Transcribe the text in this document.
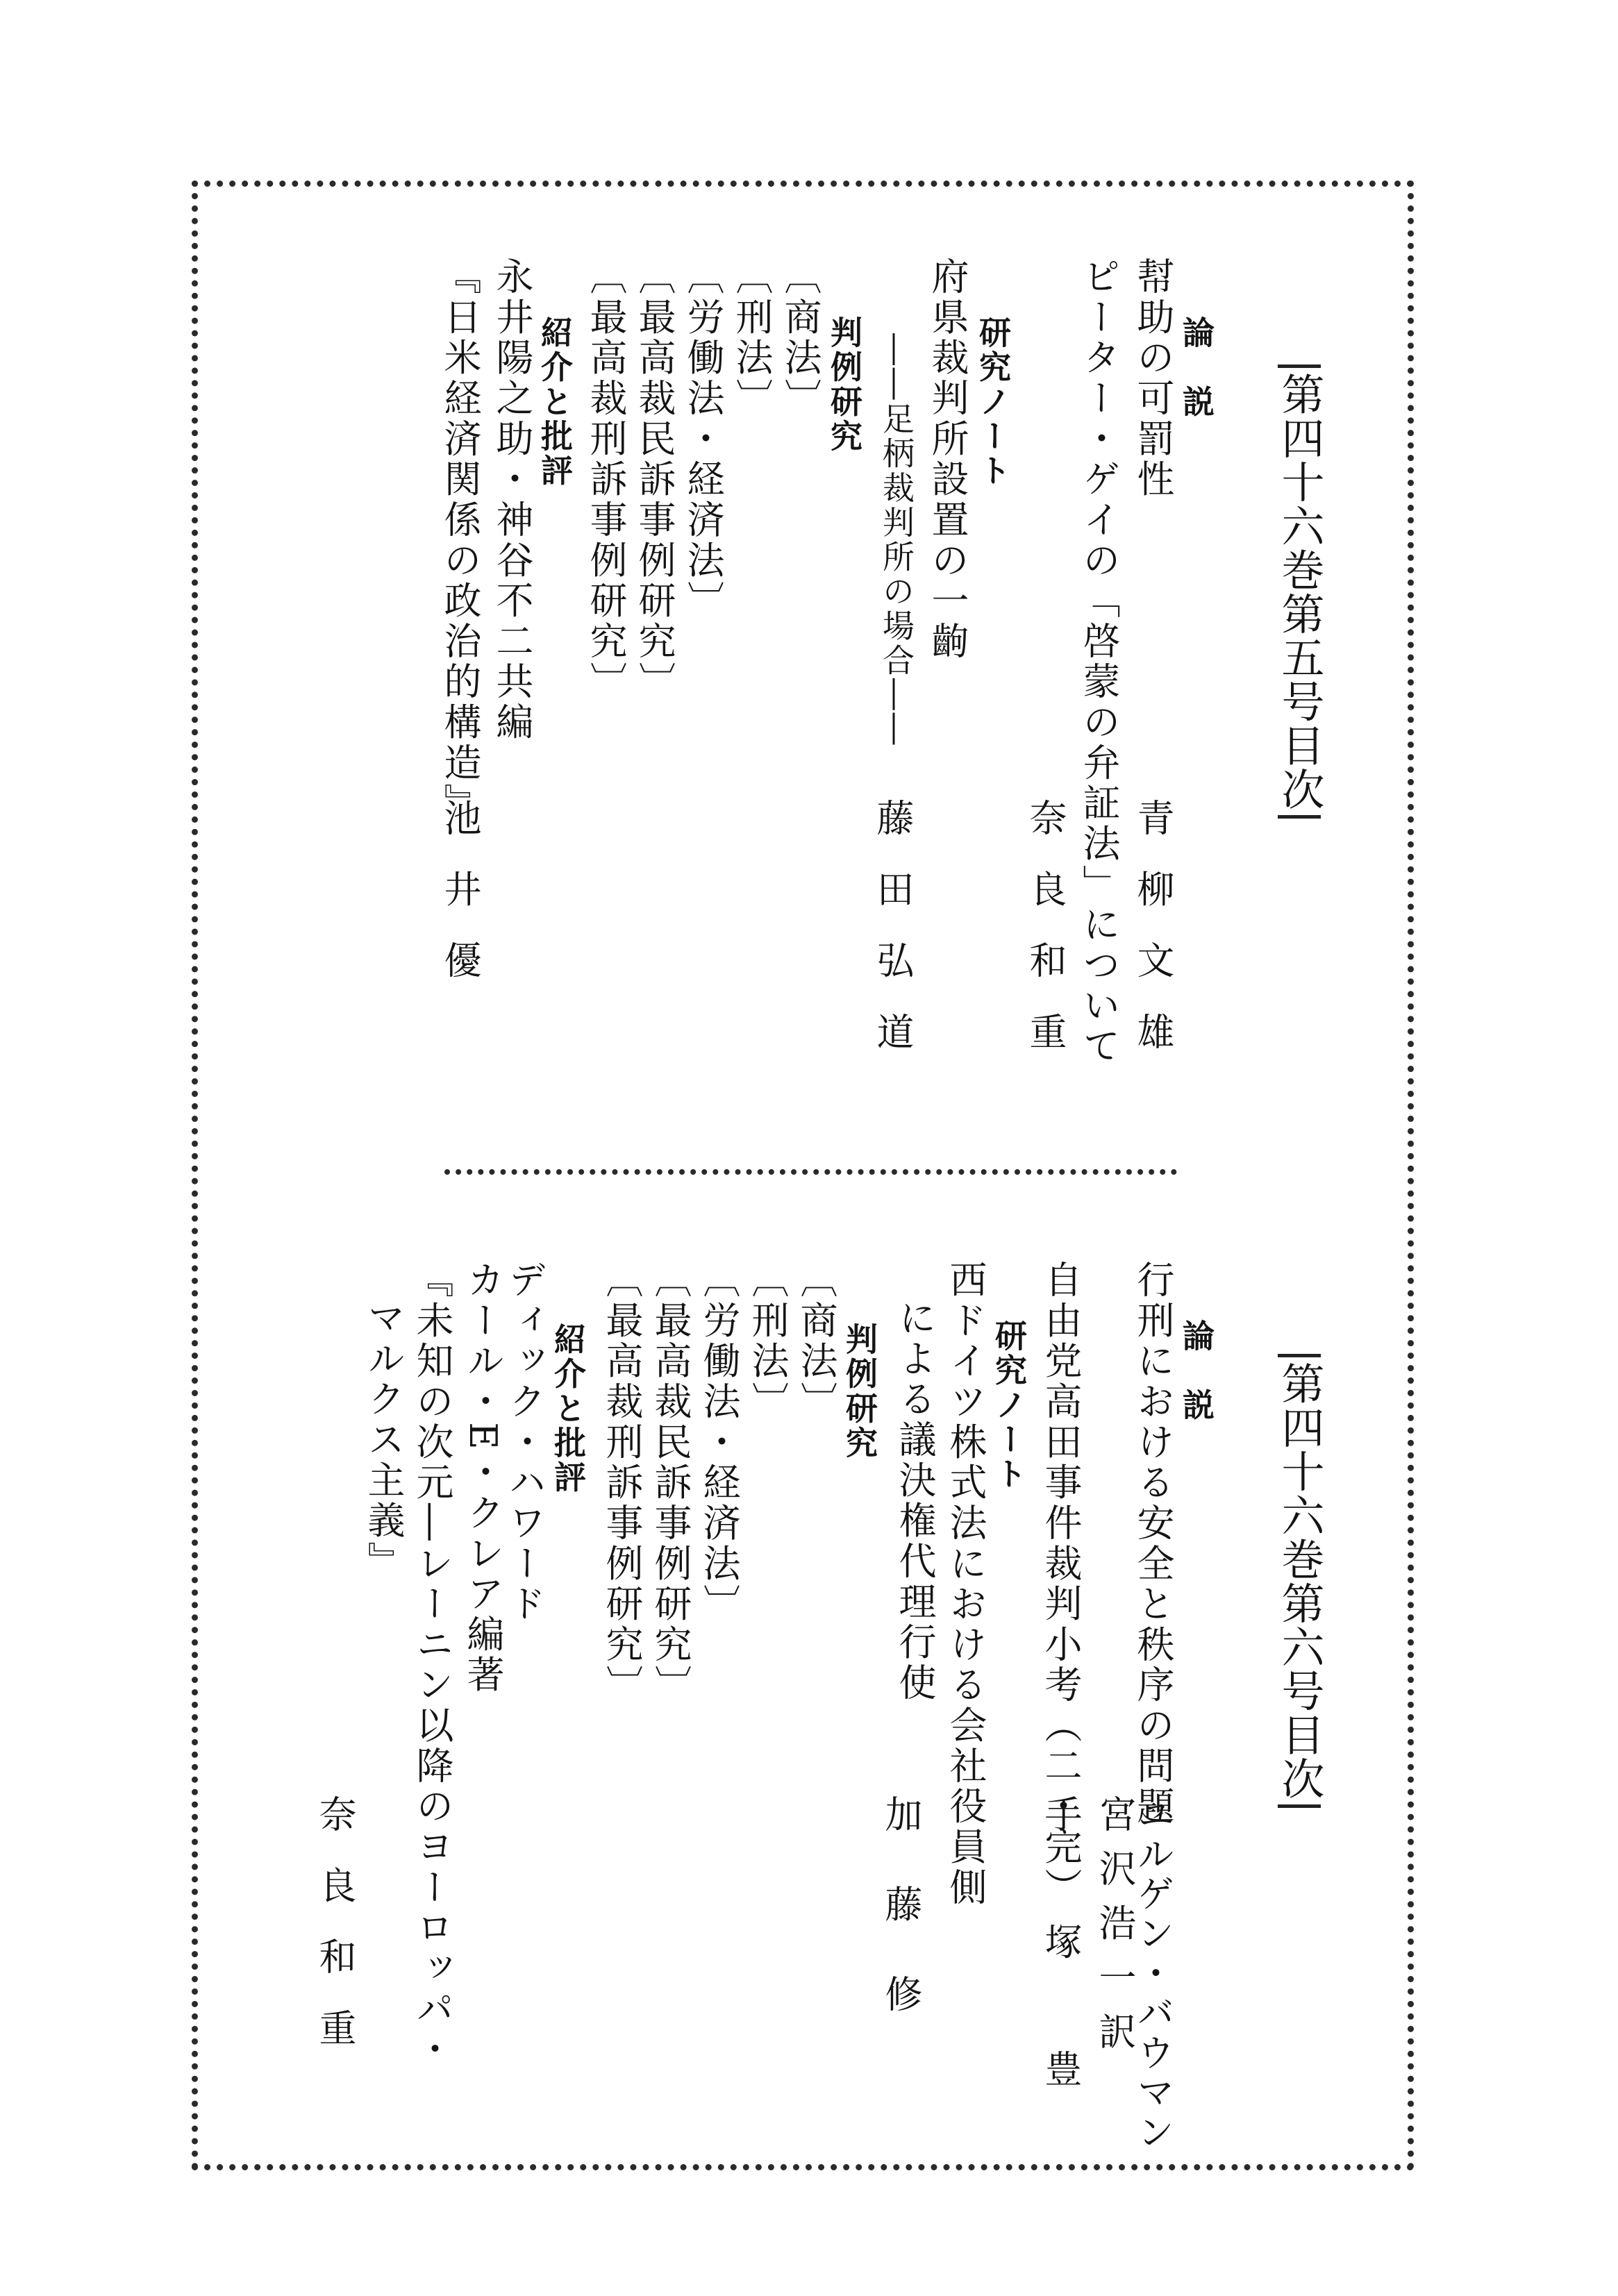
第四十六巻第五号目次
論　説
幇助の可罰性
青柳文雄
ピーター・ゲイの「啓蒙の弁証法」について
奈良和重
研究ノート
府県裁判所設置の一齣
藤田弘道
――足柄裁判所の場合――
判例研究
〔商法〕
〔刑法〕
〔労働法・経済法〕
〔最高裁民訴事例研究〕
〔最高裁刑訴事例研究〕
紹介と批評
永井陽之助・神谷不二共編
『日米経済関係の政治的構造』
池井優
第四十六巻第六号目次
論　説
行刑における安全と秩序の問題
ユルゲン・バウマン
宮沢浩一訳
自由党高田事件裁判小考（二・完）
手塚豊
研究ノート
西ドイツ株式法における会社役員側
による議決権代理行使
加藤修
判例研究
〔商法〕
〔刑法〕
〔労働法・経済法〕
〔最高裁民訴事例研究〕
〔最高裁刑訴事例研究〕
紹介と批評
ディック・ハワード
カール・E・クレア編著
『未知の次元―レーニン以降のヨーロッパ・
マルクス主義』
奈良和重
